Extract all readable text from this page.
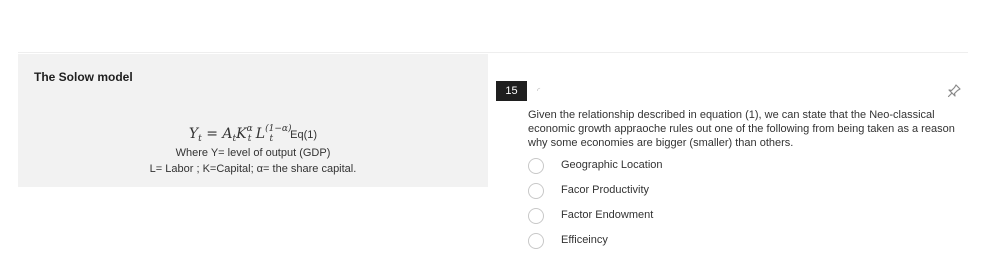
The Solow model
$Y_t = A_tK^\alpha_t$ $L^{(1-\alpha)}_t$ Eq(1)
Where Y= level of output (GDP)
L= Labor ; K=Capital; α= the share capital.
15	◜
Given the relationship described in equation (1), we can state that the Neo-classical economic growth appraoche rules out one of the following from being taken as a reason why some economies are bigger (smaller) than others.
Geographic Location
Facor Productivity
Factor Endowment
Efficeincy
